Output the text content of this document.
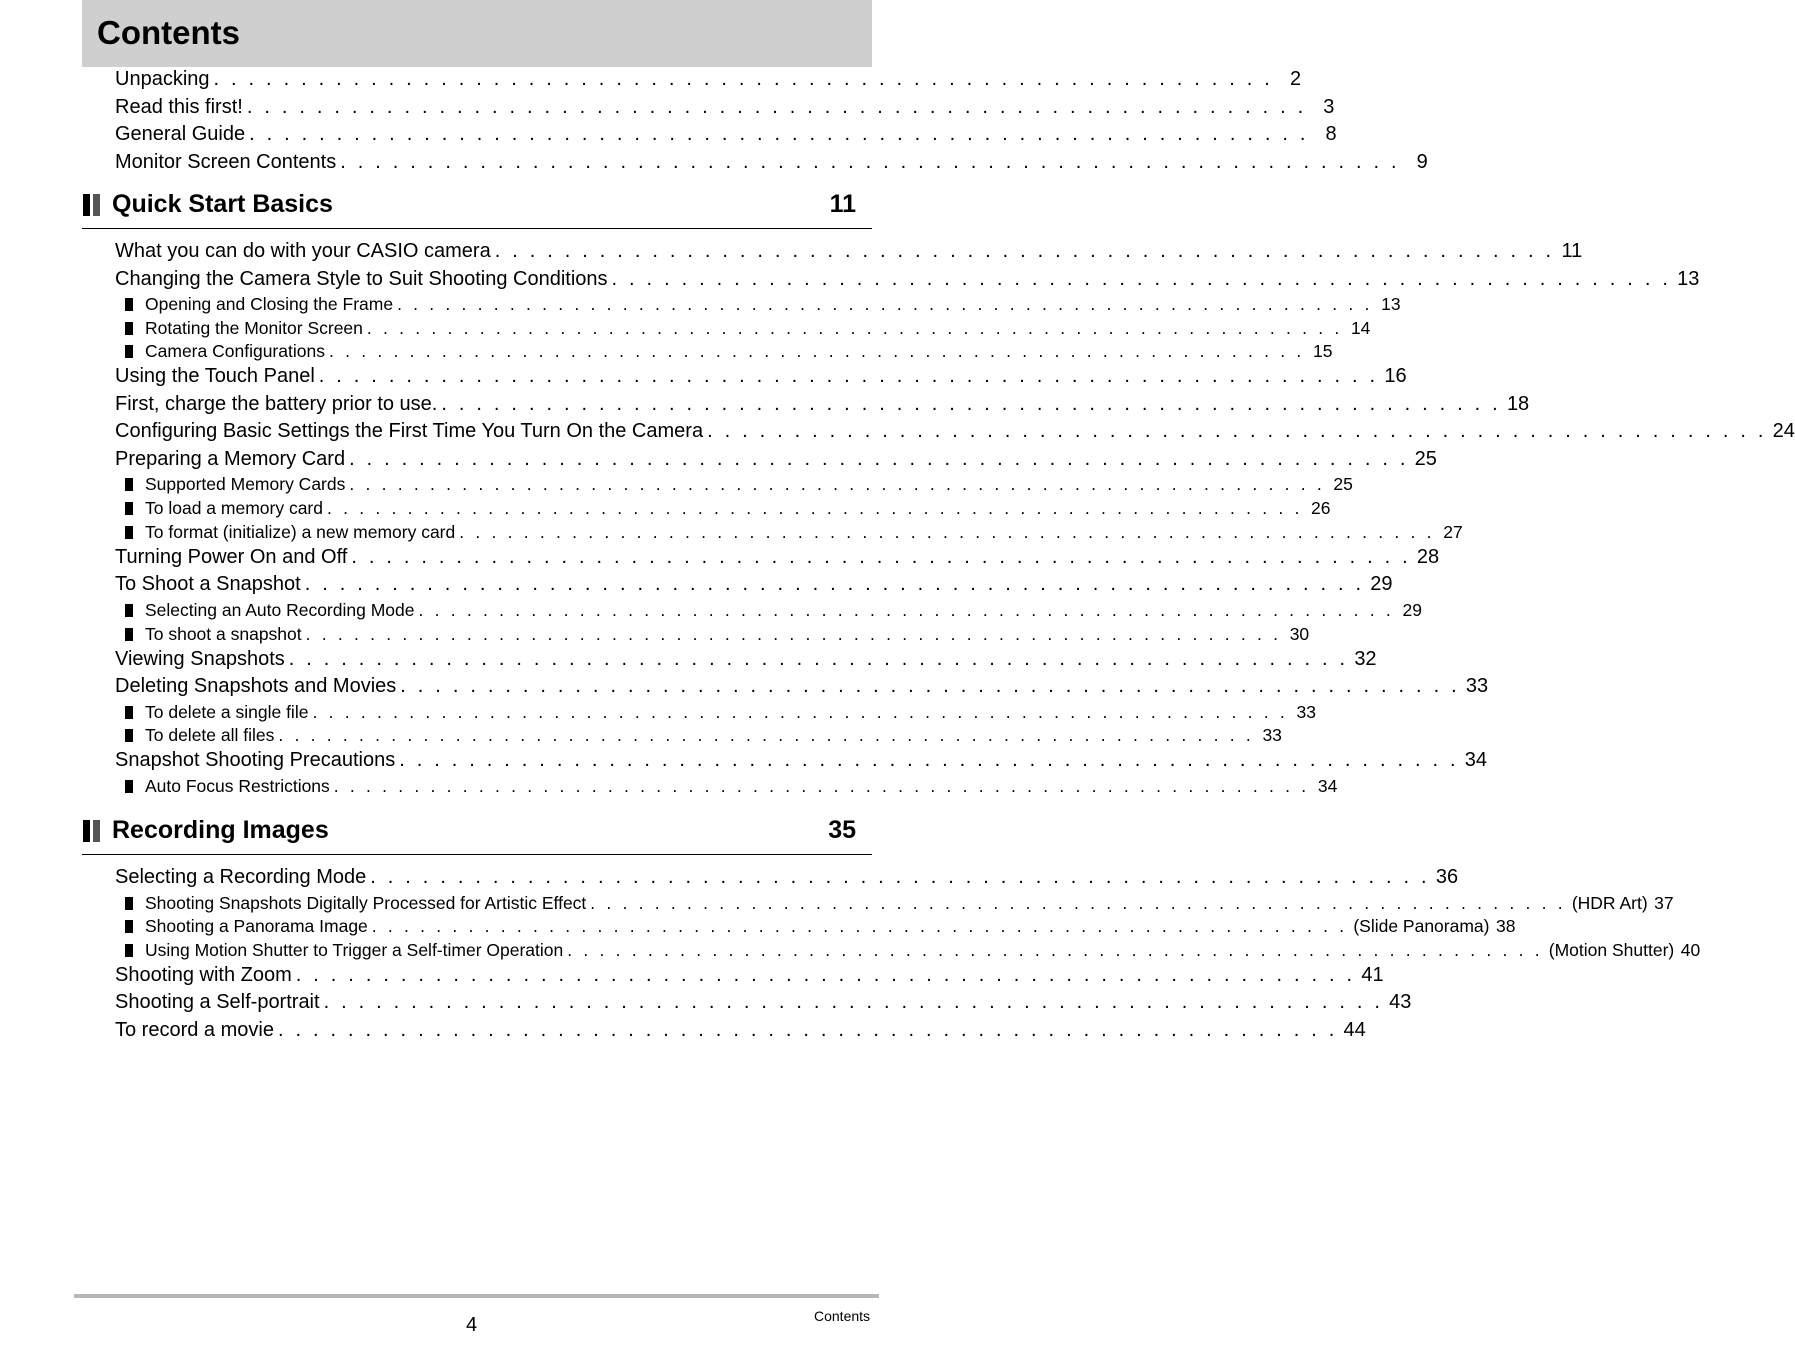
Contents
Unpacking . . . . . . . . . . . . . . . . . . . . . . . . . . . . . . . . . . . . . . . . . . . . . . . . . . . . . . . . . . . . . 2
Read this first! . . . . . . . . . . . . . . . . . . . . . . . . . . . . . . . . . . . . . . . . . . . . . . . . . . . . . . . . . . . . . 3
General Guide . . . . . . . . . . . . . . . . . . . . . . . . . . . . . . . . . . . . . . . . . . . . . . . . . . . . . . . . . . . . . 8
Monitor Screen Contents . . . . . . . . . . . . . . . . . . . . . . . . . . . . . . . . . . . . . . . . . . . . . . . . . . . . . . . . . . . . . 9
Quick Start Basics	11
What you can do with your CASIO camera . . . . . . . . . . . . . . . . . . . . . . . . . . . . . . . . . . . . . . . . . . . . . . . . . . . . . . . . . . . . . 11
Changing the Camera Style to Suit Shooting Conditions . . . . . . . . . . . . . . . . . . . . . . . . . . . . . . . . . . . . . . . . . . . . . . . . . . . . . . . . . . . . . 13
Opening and Closing the Frame . . . . . . . . . . . . . . . . . . . . . . . . . . . . . . . . . . . . . . . . . . . . . . . . . . . . . . . . . . . . . 13
Rotating the Monitor Screen . . . . . . . . . . . . . . . . . . . . . . . . . . . . . . . . . . . . . . . . . . . . . . . . . . . . . . . . . . . . . 14
Camera Configurations . . . . . . . . . . . . . . . . . . . . . . . . . . . . . . . . . . . . . . . . . . . . . . . . . . . . . . . . . . . . . 15
Using the Touch Panel . . . . . . . . . . . . . . . . . . . . . . . . . . . . . . . . . . . . . . . . . . . . . . . . . . . . . . . . . . . . . 16
First, charge the battery prior to use. . . . . . . . . . . . . . . . . . . . . . . . . . . . . . . . . . . . . . . . . . . . . . . . . . . . . . . . . . . . . . 18
Configuring Basic Settings the First Time You Turn On the Camera . . . . . . . . . . . . . . . . . . . . . . . . . . . . . . . . . . . . . . . . . . . . . . . . . . . . . . . . . . . . . 24
Preparing a Memory Card . . . . . . . . . . . . . . . . . . . . . . . . . . . . . . . . . . . . . . . . . . . . . . . . . . . . . . . . . . . . . 25
Supported Memory Cards . . . . . . . . . . . . . . . . . . . . . . . . . . . . . . . . . . . . . . . . . . . . . . . . . . . . . . . . . . . . . 25
To load a memory card . . . . . . . . . . . . . . . . . . . . . . . . . . . . . . . . . . . . . . . . . . . . . . . . . . . . . . . . . . . . . 26
To format (initialize) a new memory card . . . . . . . . . . . . . . . . . . . . . . . . . . . . . . . . . . . . . . . . . . . . . . . . . . . . . . . . . . . . . 27
Turning Power On and Off . . . . . . . . . . . . . . . . . . . . . . . . . . . . . . . . . . . . . . . . . . . . . . . . . . . . . . . . . . . . . 28
To Shoot a Snapshot . . . . . . . . . . . . . . . . . . . . . . . . . . . . . . . . . . . . . . . . . . . . . . . . . . . . . . . . . . . . . 29
Selecting an Auto Recording Mode . . . . . . . . . . . . . . . . . . . . . . . . . . . . . . . . . . . . . . . . . . . . . . . . . . . . . . . . . . . . . 29
To shoot a snapshot . . . . . . . . . . . . . . . . . . . . . . . . . . . . . . . . . . . . . . . . . . . . . . . . . . . . . . . . . . . . . 30
Viewing Snapshots . . . . . . . . . . . . . . . . . . . . . . . . . . . . . . . . . . . . . . . . . . . . . . . . . . . . . . . . . . . . . 32
Deleting Snapshots and Movies . . . . . . . . . . . . . . . . . . . . . . . . . . . . . . . . . . . . . . . . . . . . . . . . . . . . . . . . . . . . . 33
To delete a single file . . . . . . . . . . . . . . . . . . . . . . . . . . . . . . . . . . . . . . . . . . . . . . . . . . . . . . . . . . . . . 33
To delete all files . . . . . . . . . . . . . . . . . . . . . . . . . . . . . . . . . . . . . . . . . . . . . . . . . . . . . . . . . . . . . 33
Snapshot Shooting Precautions . . . . . . . . . . . . . . . . . . . . . . . . . . . . . . . . . . . . . . . . . . . . . . . . . . . . . . . . . . . . . 34
Auto Focus Restrictions . . . . . . . . . . . . . . . . . . . . . . . . . . . . . . . . . . . . . . . . . . . . . . . . . . . . . . . . . . . . . 34
Recording Images	35
Selecting a Recording Mode . . . . . . . . . . . . . . . . . . . . . . . . . . . . . . . . . . . . . . . . . . . . . . . . . . . . . . . . . . . . . 36
Shooting Snapshots Digitally Processed for Artistic Effect . . . . . . . . . . . . . . . . . . . . . . . . . . . . . . . . . . . . . . . . . . . . . . . . . . . . . . . . . . . . . (HDR Art) 37
Shooting a Panorama Image . . . . . . . . . . . . . . . . . . . . . . . . . . . . . . . . . . . . . . . . . . . . . . . . . . . . . . . . . . . . . (Slide Panorama) 38
Using Motion Shutter to Trigger a Self-timer Operation . . . . . . . . . . . . . . . . . . . . . . . . . . . . . . . . . . . . . . . . . . . . . . . . . . . . . . . . . . . . . (Motion Shutter) 40
Shooting with Zoom . . . . . . . . . . . . . . . . . . . . . . . . . . . . . . . . . . . . . . . . . . . . . . . . . . . . . . . . . . . . . 41
Shooting a Self-portrait . . . . . . . . . . . . . . . . . . . . . . . . . . . . . . . . . . . . . . . . . . . . . . . . . . . . . . . . . . . . . 43
To record a movie . . . . . . . . . . . . . . . . . . . . . . . . . . . . . . . . . . . . . . . . . . . . . . . . . . . . . . . . . . . . . 44
4	Contents
